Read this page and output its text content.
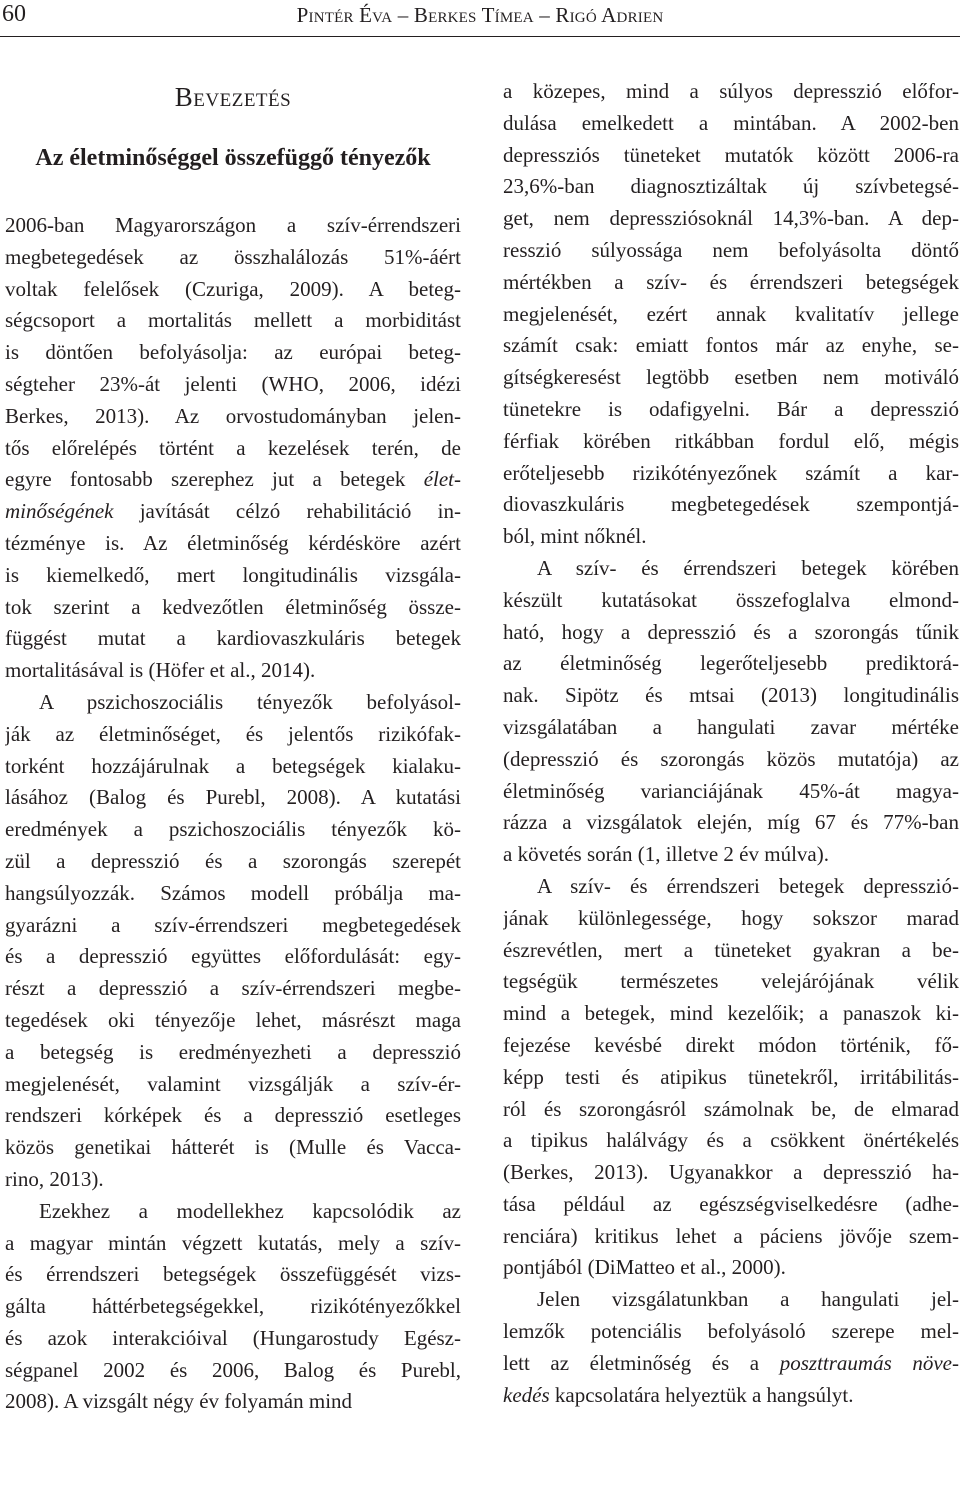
60	Pintér Éva – Berkes Tímea – Rigó Adrien
Bevezetés
Az életminőséggel összefüggő tényezők
2006-ban Magyarországon a szív-érrendszeri
megbetegedések az összhalálozás 51%-áért
voltak felelősek (Czuriga, 2009). A beteg-
ségcsoport a mortalitás mellett a morbiditást
is döntően befolyásolja: az európai beteg-
ségteher 23%-át jelenti (WHO, 2006, idézi
Berkes, 2013). Az orvostudományban jelen-
tős előrelépés történt a kezelések terén, de
egyre fontosabb szerephez jut a betegek élet-
minőségének javítását célzó rehabilitáció in-
tézménye is. Az életminőség kérdésköre azért
is kiemelkedő, mert longitudinális vizsgála-
tok szerint a kedvezőtlen életminőség össze-
függést mutat a kardiovaszkuláris betegek
mortalitásával is (Höfer et al., 2014).
A pszichoszociális tényezők befolyásol-
ják az életminőséget, és jelentős rizikófak-
torként hozzájárulnak a betegségek kialaku-
lásához (Balog és Purebl, 2008). A kutatási
eredmények a pszichoszociális tényezők kö-
zül a depresszió és a szorongás szerepét
hangsúlyozzák. Számos modell próbálja ma-
gyarázni a szív-érrendszeri megbetegedések
és a depresszió együttes előfordulását: egy-
részt a depresszió a szív-érrendszeri megbe-
tegedések oki tényezője lehet, másrészt maga
a betegség is eredményezheti a depresszió
megjelenését, valamint vizsgálják a szív-ér-
rendszeri kórképek és a depresszió esetleges
közös genetikai hátterét is (Mulle és Vacca-
rino, 2013).
Ezekhez a modellekhez kapcsolódik az
a magyar mintán végzett kutatás, mely a szív-
és érrendszeri betegségek összefüggését vizs-
gálta háttérbetegségekkel, rizikótényezőkkel
és azok interakcióival (Hungarostudy Egész-
ségpanel 2002 és 2006, Balog és Purebl,
2008). A vizsgált négy év folyamán mind
a közepes, mind a súlyos depresszió előfor-
dulása emelkedett a mintában. A 2002-ben
depressziós tüneteket mutatók között 2006-ra
23,6%-ban diagnosztizáltak új szívbetegsé-
get, nem depressziósoknál 14,3%-ban. A dep-
resszió súlyossága nem befolyásolta döntő
mértékben a szív- és érrendszeri betegségek
megjelenését, ezért annak kvalitatív jellege
számít csak: emiatt fontos már az enyhe, se-
gítségkeresést legtöbb esetben nem motiváló
tünetekre is odafigyelni. Bár a depresszió
férfiak körében ritkábban fordul elő, mégis
erőteljesebb rizikótényezőnek számít a kar-
diovaszkuláris megbetegedések szempontjá-
ból, mint nőknél.
A szív- és érrendszeri betegek körében
készült kutatásokat összefoglalva elmond-
ható, hogy a depresszió és a szorongás tűnik
az életminőség legerőteljesebb prediktorá-
nak. Sipötz és mtsai (2013) longitudinális
vizsgálatában a hangulati zavar mértéke
(depresszió és szorongás közös mutatója) az
életminőség varianciájának 45%-át magya-
rázza a vizsgálatok elején, míg 67 és 77%-ban
a követés során (1, illetve 2 év múlva).
A szív- és érrendszeri betegek depresszió-
jának különlegessége, hogy sokszor marad
észrevétlen, mert a tüneteket gyakran a be-
tegségük természetes velejárójának vélik
mind a betegek, mind kezelőik; a panaszok ki-
fejezése kevésbé direkt módon történik, fő-
képp testi és atipikus tünetekről, irritábilitás-
ról és szorongásról számolnak be, de elmarad
a tipikus halálvágy és a csökkent önértékelés
(Berkes, 2013). Ugyanakkor a depresszió ha-
tása például az egészségviselkedésre (adhe-
renciára) kritikus lehet a páciens jövője szem-
pontjából (DiMatteo et al., 2000).
Jelen vizsgálatunkban a hangulati jel-
lemzők potenciális befolyásoló szerepe mel-
lett az életminőség és a poszttraumás növe-
kedés kapcsolatára helyeztük a hangsúlyt.
